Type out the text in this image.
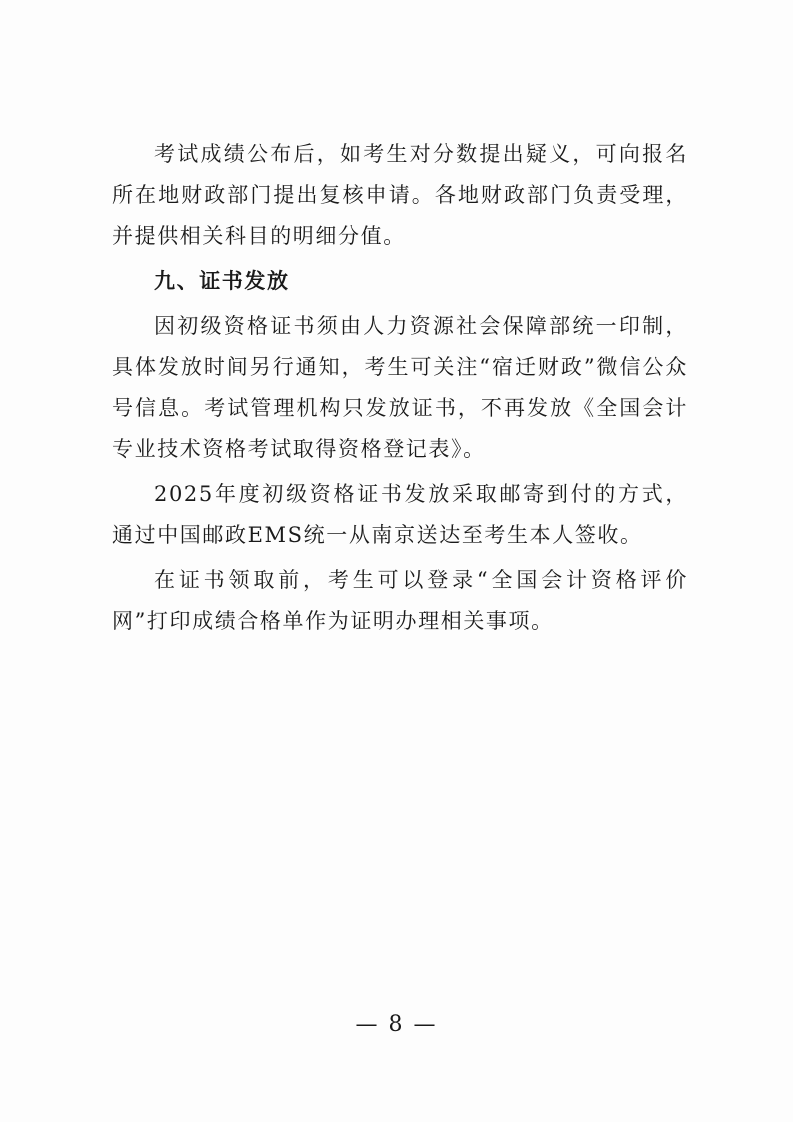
考试成绩公布后，如考生对分数提出疑义，可向报名所在地财政部门提出复核申请。各地财政部门负责受理，并提供相关科目的明细分值。

九、证书发放

因初级资格证书须由人力资源社会保障部统一印制，具体发放时间另行通知，考生可关注“宿迁财政”微信公众号信息。考试管理机构只发放证书，不再发放《全国会计专业技术资格考试取得资格登记表》。

2025年度初级资格证书发放采取邮寄到付的方式，通过中国邮政EMS统一从南京送达至考生本人签收。

在证书领取前，考生可以登录“全国会计资格评价网”打印成绩合格单作为证明办理相关事项。

— 8 —
